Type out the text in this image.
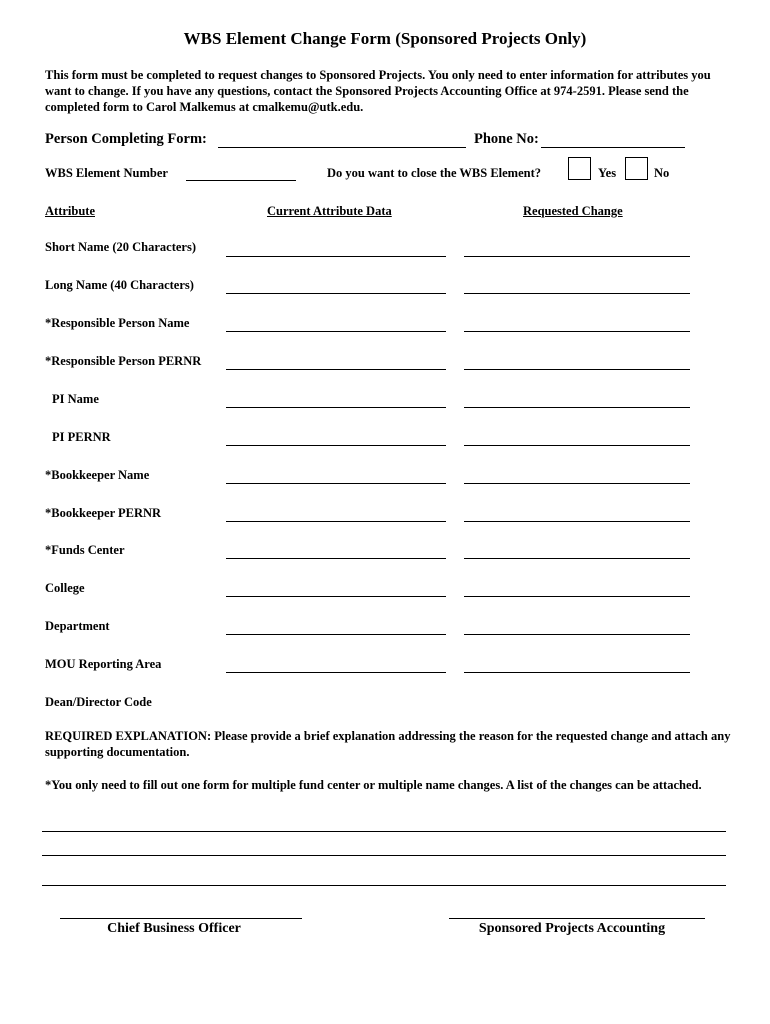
WBS Element Change Form (Sponsored Projects Only)
This form must be completed to request changes to Sponsored Projects. You only need to enter information for attributes you want to change. If you have any questions, contact the Sponsored Projects Accounting Office at 974-2591. Please send the completed form to Carol Malkemus at cmalkemu@utk.edu.
Person Completing Form:	Phone No:
WBS Element Number	Do you want to close the WBS Element?	Yes	No
Attribute	Current Attribute Data	Requested Change
Short Name (20 Characters)
Long Name (40 Characters)
*Responsible Person Name
*Responsible Person PERNR
PI Name
PI PERNR
*Bookkeeper Name
*Bookkeeper PERNR
*Funds Center
College
Department
MOU Reporting Area
Dean/Director Code
REQUIRED EXPLANATION: Please provide a brief explanation addressing the reason for the requested change and attach any supporting documentation.
*You only need to fill out one form for multiple fund center or multiple name changes. A list of the changes can be attached.
Chief Business Officer	Sponsored Projects Accounting
